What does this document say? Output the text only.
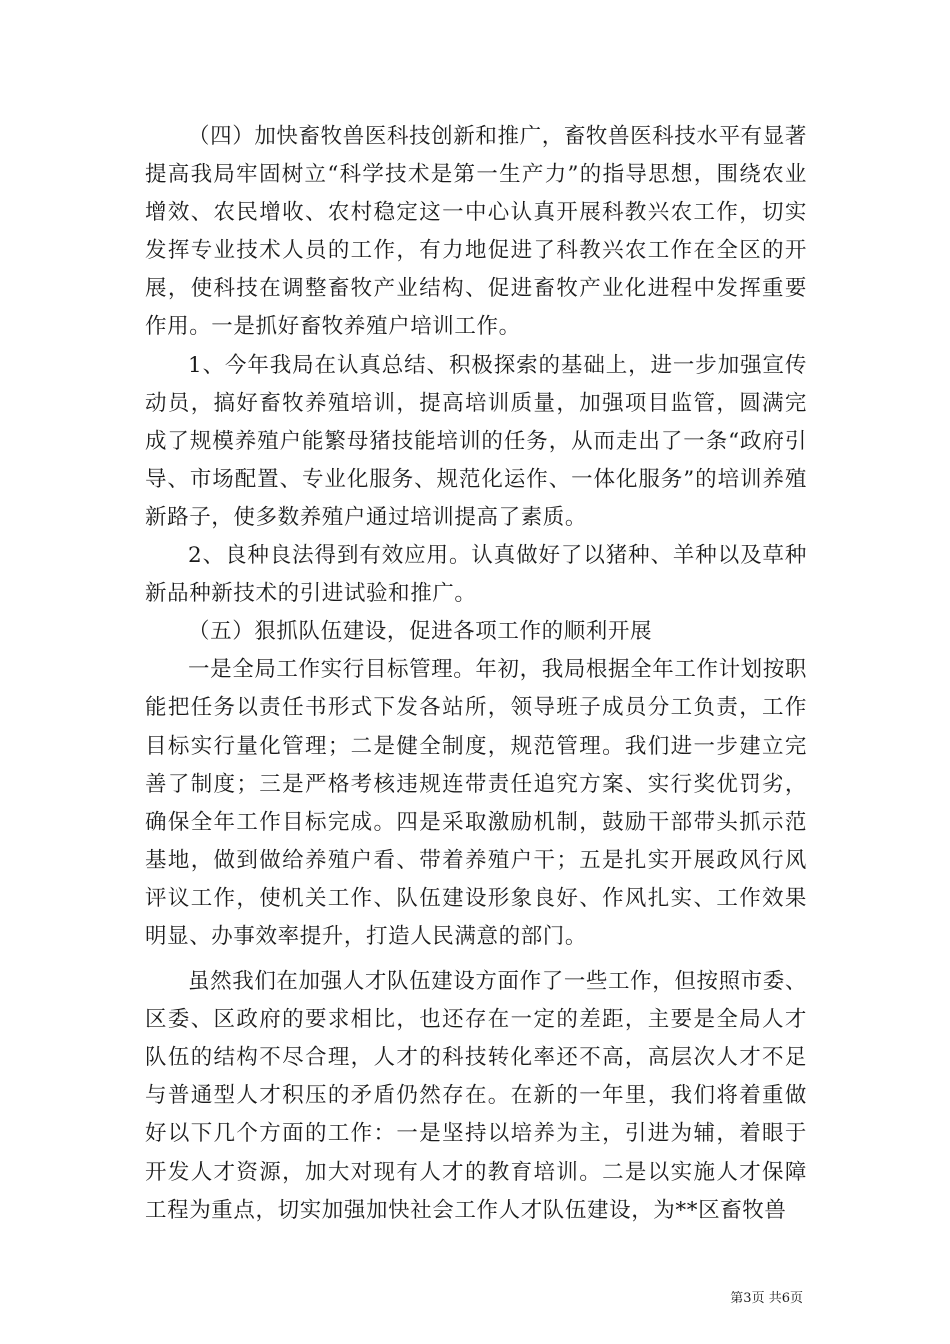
（四）加快畜牧兽医科技创新和推广，畜牧兽医科技水平有显著提高我局牢固树立“科学技术是第一生产力”的指导思想，围绕农业增效、农民增收、农村稳定这一中心认真开展科教兴农工作，切实发挥专业技术人员的工作，有力地促进了科教兴农工作在全区的开展，使科技在调整畜牧产业结构、促进畜牧产业化进程中发挥重要作用。一是抓好畜牧养殖户培训工作。

1、今年我局在认真总结、积极探索的基础上，进一步加强宣传动员，搞好畜牧养殖培训，提高培训质量，加强项目监管，圆满完成了规模养殖户能繁母猪技能培训的任务，从而走出了一条“政府引导、市场配置、专业化服务、规范化运作、一体化服务”的培训养殖新路子，使多数养殖户通过培训提高了素质。

2、良种良法得到有效应用。认真做好了以猪种、羊种以及草种新品种新技术的引进试验和推广。

（五）狠抓队伍建设，促进各项工作的顺利开展

一是全局工作实行目标管理。年初，我局根据全年工作计划按职能把任务以责任书形式下发各站所，领导班子成员分工负责，工作目标实行量化管理；二是健全制度，规范管理。我们进一步建立完善了制度；三是严格考核违规连带责任追究方案、实行奖优罚劣，确保全年工作目标完成。四是采取激励机制，鼓励干部带头抓示范基地，做到做给养殖户看、带着养殖户干；五是扎实开展政风行风评议工作，使机关工作、队伍建设形象良好、作风扎实、工作效果明显、办事效率提升，打造人民满意的部门。

虽然我们在加强人才队伍建设方面作了一些工作，但按照市委、区委、区政府的要求相比，也还存在一定的差距，主要是全局人才队伍的结构不尽合理，人才的科技转化率还不高，高层次人才不足与普通型人才积压的矛盾仍然存在。在新的一年里，我们将着重做好以下几个方面的工作：一是坚持以培养为主，引进为辅，着眼于开发人才资源，加大对现有人才的教育培训。二是以实施人才保障工程为重点，切实加强加快社会工作人才队伍建设，为**区畜牧兽

第3页 共6页
